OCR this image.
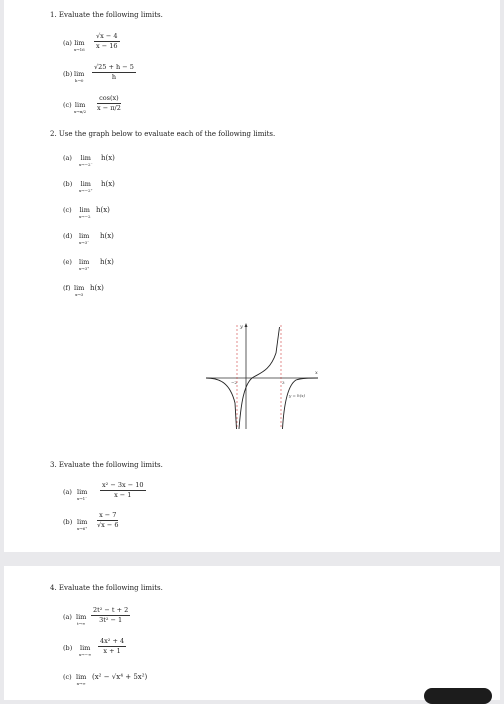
1. Evaluate the following limits.
(a) lim
$x\to 16 \frac{√x - 4}{x - 16}$
(b) lim
$h\to 0 \frac{√25 + h - 5}{h}$
(c) lim
$x\to\pi/2 \frac{\cos(x)}{x - \pi/2}$
2. Use the graph below to evaluate each of the following limits.
(a) lim
x→−2⁻
h(x)
(b) lim
x→−2⁺
h(x)
(c) lim
x→−2
h(x)
(d) lim
x→3⁻
h(x)
(e) lim
x→3⁺
h(x)
(f) lim
x→3
h(x)
y
x
−2	3
y = h(x)
3. Evaluate the following limits.
(a) lim
$x\to 1^- \frac{\text{x² − 3x − 10}}{x - 1}$
(b) lim
$x\to 6^+ \frac{x - 7}{√x - 6}$
4. Evaluate the following limits.
(a) lim
$t\to\infty \frac{\text{2t² − t + 2}}{\text{3t² − 1}}$
(b) lim
$x\to-\infty \frac{\text{4x² + 4}}{x + 1}$
(c) lim
x→∞
(x² − √x⁴ + 5x²)
